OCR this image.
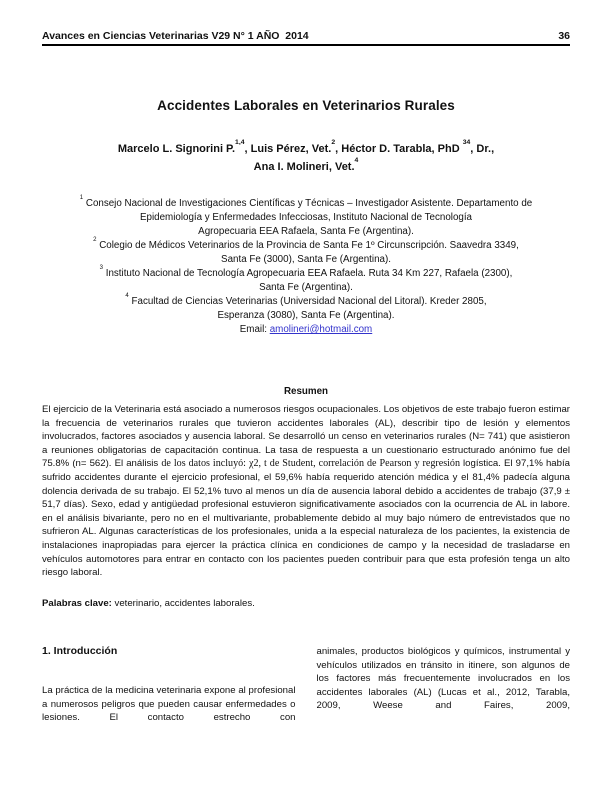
Avances en Ciencias Veterinarias V29 N° 1 AÑO  2014	36
Accidentes Laborales en Veterinarios Rurales
Marcelo L. Signorini P.$^{1,4}$, Luis Pérez, Vet.$^2$, Héctor D. Tarabla, PhD $^{34}$, Dr.,
Ana I. Molineri, Vet.$^4$
$^1$ Consejo Nacional de Investigaciones Científicas y Técnicas – Investigador Asistente. Departamento de
Epidemiología y Enfermedades Infecciosas, Instituto Nacional de Tecnología
Agropecuaria EEA Rafaela, Santa Fe (Argentina).
$^2$ Colegio de Médicos Veterinarios de la Provincia de Santa Fe 1º Circunscripción. Saavedra 3349,
Santa Fe (3000), Santa Fe (Argentina).
$^3$ Instituto Nacional de Tecnología Agropecuaria EEA Rafaela. Ruta 34 Km 227, Rafaela (2300),
Santa Fe (Argentina).
$^4$ Facultad de Ciencias Veterinarias (Universidad Nacional del Litoral). Kreder 2805,
Esperanza (3080), Santa Fe (Argentina).
Email: amolineri@hotmail.com
Resumen

El ejercicio de la Veterinaria está asociado a numerosos riesgos ocupacionales. Los objetivos de este trabajo fueron estimar la frecuencia de veterinarios rurales que tuvieron accidentes laborales (AL), describir tipo de lesión y elementos involucrados, factores asociados y ausencia laboral. Se desarrolló un censo en veterinarios rurales (N= 741) que asistieron a reuniones obligatorias de capacitación continua. La tasa de respuesta a un cuestionario estructurado anónimo fue del 75.8% (n= 562). El análisis de los datos incluyó: χ2, t de Student, correlación de Pearson y regresión logística. El 97,1% había sufrido accidentes durante el ejercicio profesional, el 59,6% había requerido atención médica y el 81,4% padecía alguna dolencia derivada de su trabajo. El 52,1% tuvo al menos un día de ausencia laboral debido a accidentes de trabajo (37,9 ± 51,7 días). Sexo, edad y antigüedad profesional estuvieron significativamente asociados con la ocurrencia de AL in labore. en el análisis bivariante, pero no en el multivariante, probablemente debido al muy bajo número de entrevistados que no sufrieron AL. Algunas características de los profesionales, unida a la especial naturaleza de los pacientes, la existencia de instalaciones inapropiadas para ejercer la práctica clínica en condiciones de campo y la necesidad de trasladarse en vehículos automotores para entrar en contacto con los pacientes pueden contribuir para que esta profesión tenga un alto riesgo laboral.

Palabras clave: veterinario, accidentes laborales.

1. Introducción

La práctica de la medicina veterinaria expone al profesional a numerosos peligros que pueden causar enfermedades o lesiones. El contacto estrecho con

animales, productos biológicos y químicos, instrumental y vehículos utilizados en tránsito in itinere, son algunos de los factores más frecuentemente involucrados en los accidentes laborales (AL) (Lucas et al., 2012, Tarabla, 2009, Weese and Faires, 2009,
